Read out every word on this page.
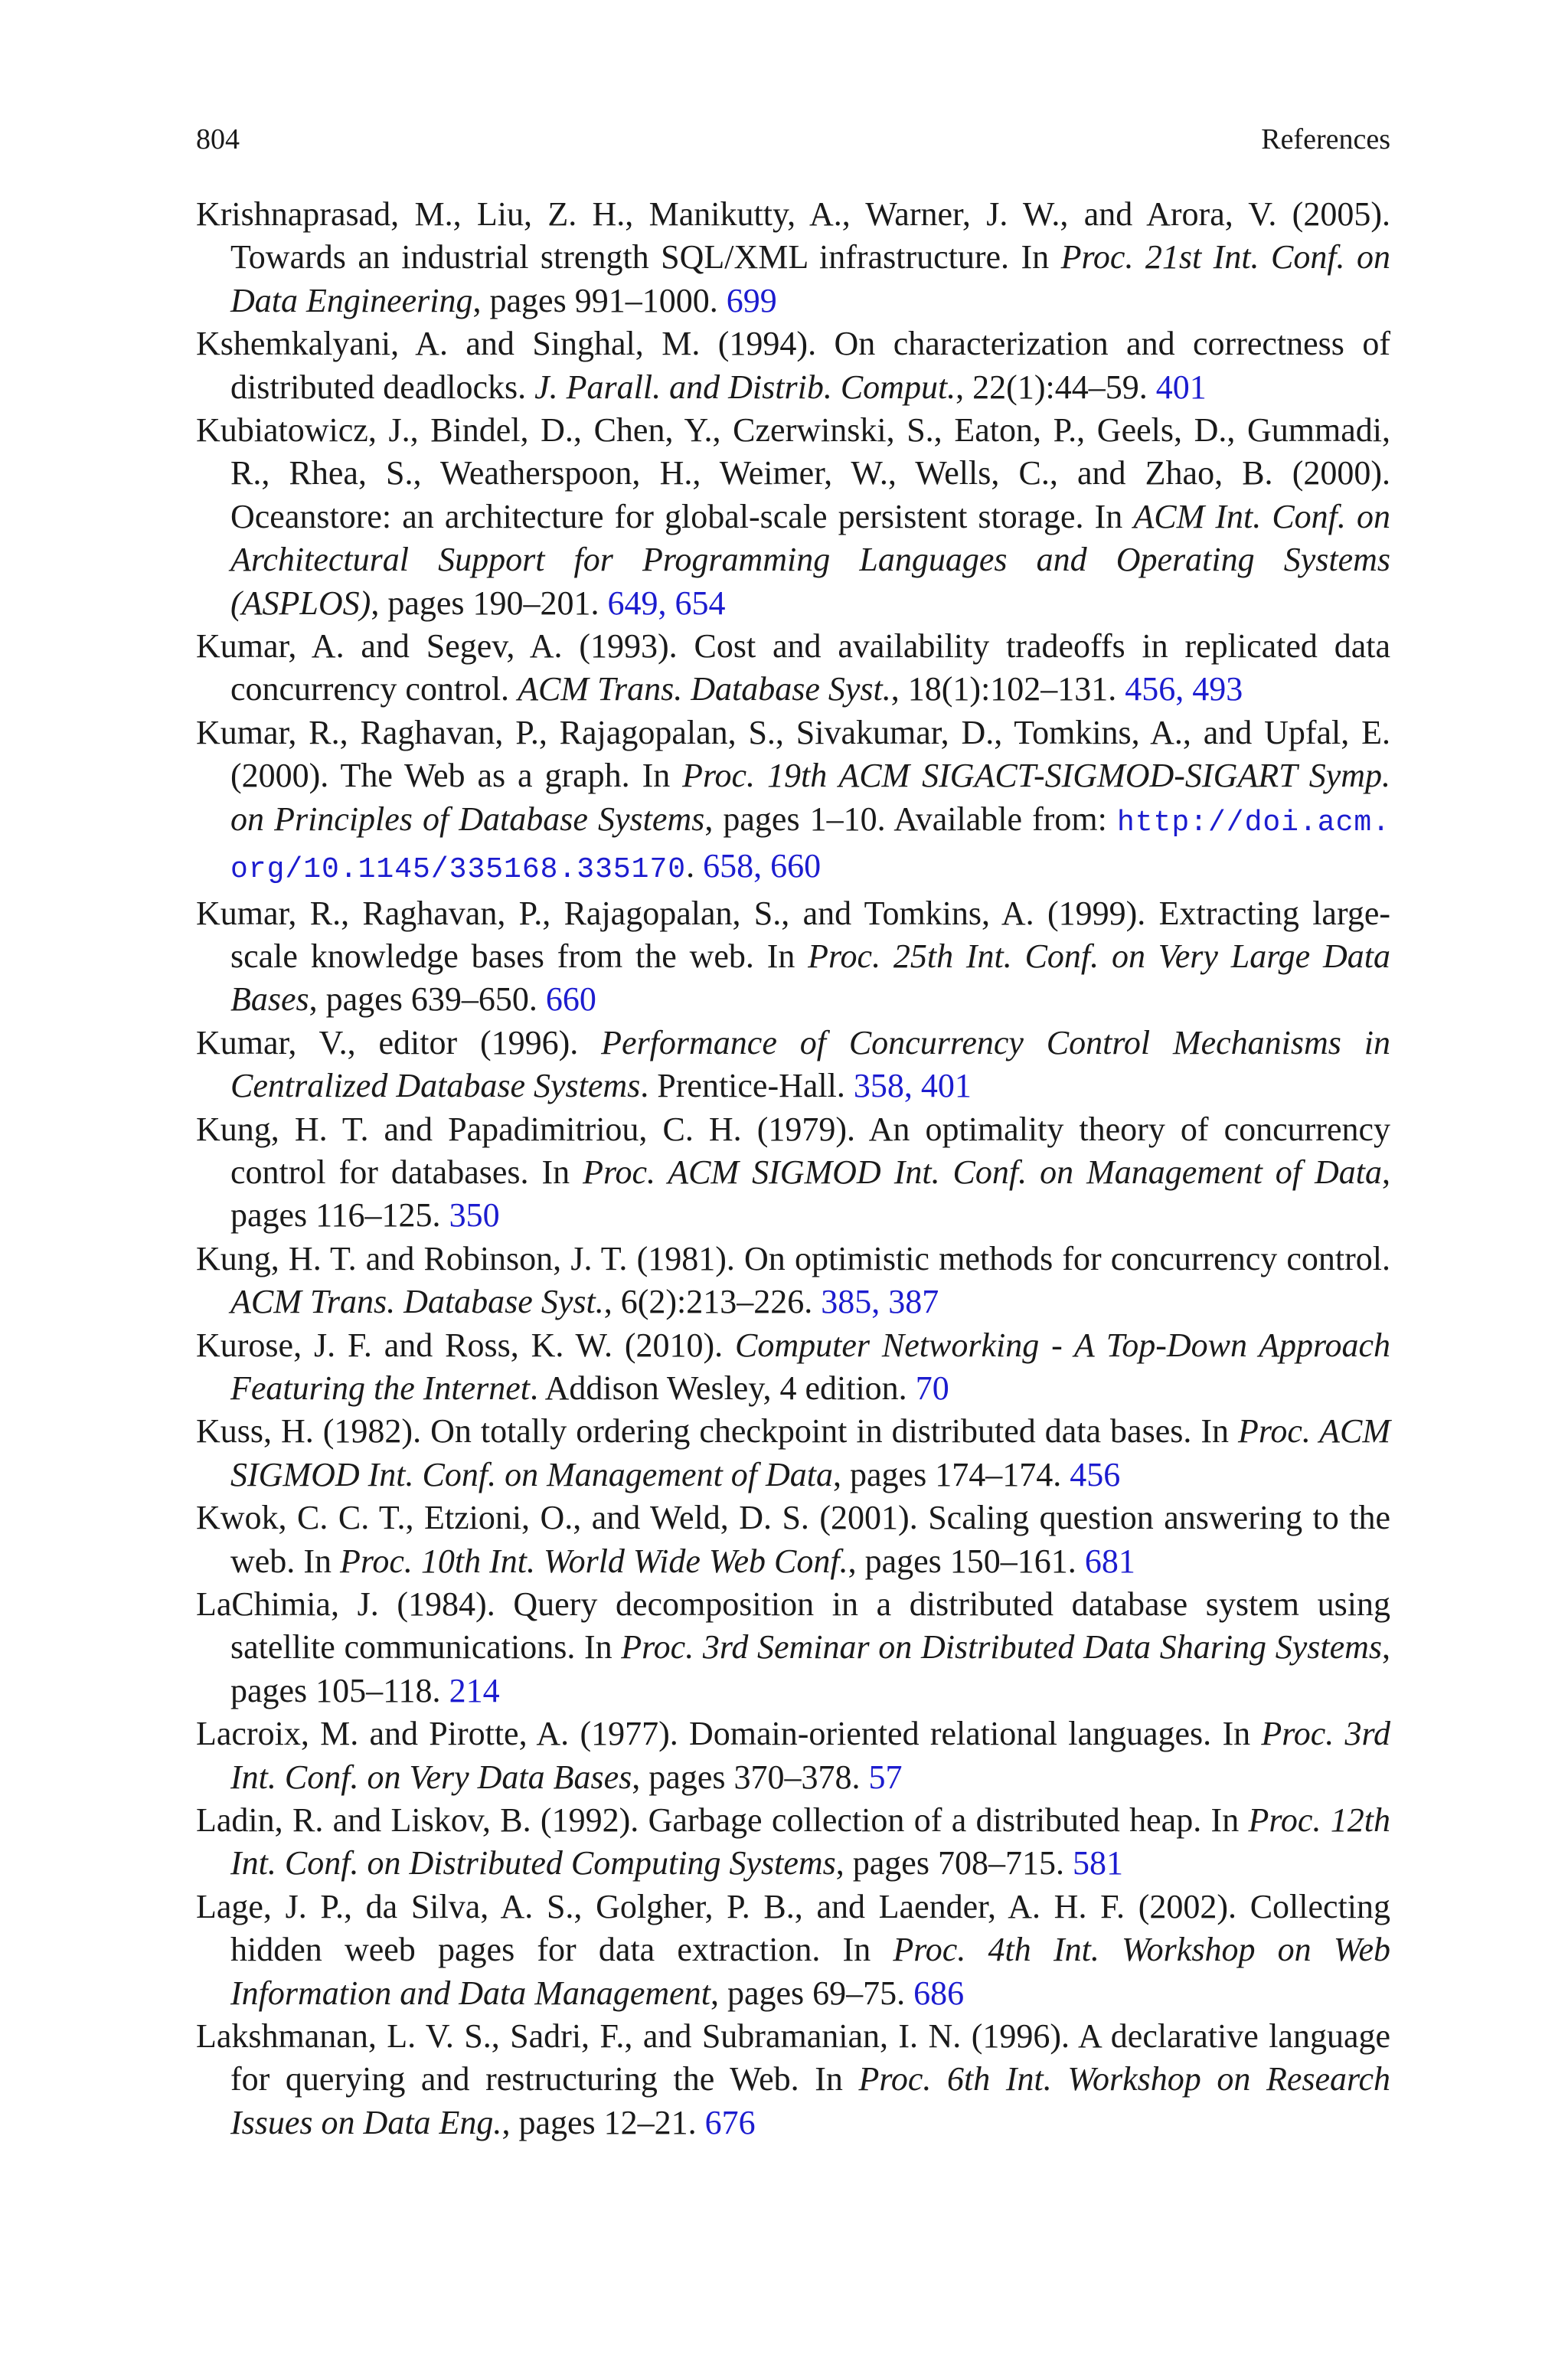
804	References
Krishnaprasad, M., Liu, Z. H., Manikutty, A., Warner, J. W., and Arora, V. (2005). Towards an industrial strength SQL/XML infrastructure. In Proc. 21st Int. Conf. on Data Engineering, pages 991–1000. 699
Kshemkalyani, A. and Singhal, M. (1994). On characterization and correctness of distributed deadlocks. J. Parall. and Distrib. Comput., 22(1):44–59. 401
Kubiatowicz, J., Bindel, D., Chen, Y., Czerwinski, S., Eaton, P., Geels, D., Gummadi, R., Rhea, S., Weatherspoon, H., Weimer, W., Wells, C., and Zhao, B. (2000). Oceanstore: an architecture for global-scale persistent storage. In ACM Int. Conf. on Architectural Support for Programming Languages and Operating Systems (ASPLOS), pages 190–201. 649, 654
Kumar, A. and Segev, A. (1993). Cost and availability tradeoffs in replicated data concurrency control. ACM Trans. Database Syst., 18(1):102–131. 456, 493
Kumar, R., Raghavan, P., Rajagopalan, S., Sivakumar, D., Tomkins, A., and Upfal, E. (2000). The Web as a graph. In Proc. 19th ACM SIGACT-SIGMOD-SIGART Symp. on Principles of Database Systems, pages 1–10. Available from: http://doi.acm.org/10.1145/335168.335170. 658, 660
Kumar, R., Raghavan, P., Rajagopalan, S., and Tomkins, A. (1999). Extracting large-scale knowledge bases from the web. In Proc. 25th Int. Conf. on Very Large Data Bases, pages 639–650. 660
Kumar, V., editor (1996). Performance of Concurrency Control Mechanisms in Centralized Database Systems. Prentice-Hall. 358, 401
Kung, H. T. and Papadimitriou, C. H. (1979). An optimality theory of concurrency control for databases. In Proc. ACM SIGMOD Int. Conf. on Management of Data, pages 116–125. 350
Kung, H. T. and Robinson, J. T. (1981). On optimistic methods for concurrency control. ACM Trans. Database Syst., 6(2):213–226. 385, 387
Kurose, J. F. and Ross, K. W. (2010). Computer Networking - A Top-Down Approach Featuring the Internet. Addison Wesley, 4 edition. 70
Kuss, H. (1982). On totally ordering checkpoint in distributed data bases. In Proc. ACM SIGMOD Int. Conf. on Management of Data, pages 174–174. 456
Kwok, C. C. T., Etzioni, O., and Weld, D. S. (2001). Scaling question answering to the web. In Proc. 10th Int. World Wide Web Conf., pages 150–161. 681
LaChimia, J. (1984). Query decomposition in a distributed database system using satellite communications. In Proc. 3rd Seminar on Distributed Data Sharing Systems, pages 105–118. 214
Lacroix, M. and Pirotte, A. (1977). Domain-oriented relational languages. In Proc. 3rd Int. Conf. on Very Data Bases, pages 370–378. 57
Ladin, R. and Liskov, B. (1992). Garbage collection of a distributed heap. In Proc. 12th Int. Conf. on Distributed Computing Systems, pages 708–715. 581
Lage, J. P., da Silva, A. S., Golgher, P. B., and Laender, A. H. F. (2002). Collecting hidden weeb pages for data extraction. In Proc. 4th Int. Workshop on Web Information and Data Management, pages 69–75. 686
Lakshmanan, L. V. S., Sadri, F., and Subramanian, I. N. (1996). A declarative language for querying and restructuring the Web. In Proc. 6th Int. Workshop on Research Issues on Data Eng., pages 12–21. 676
